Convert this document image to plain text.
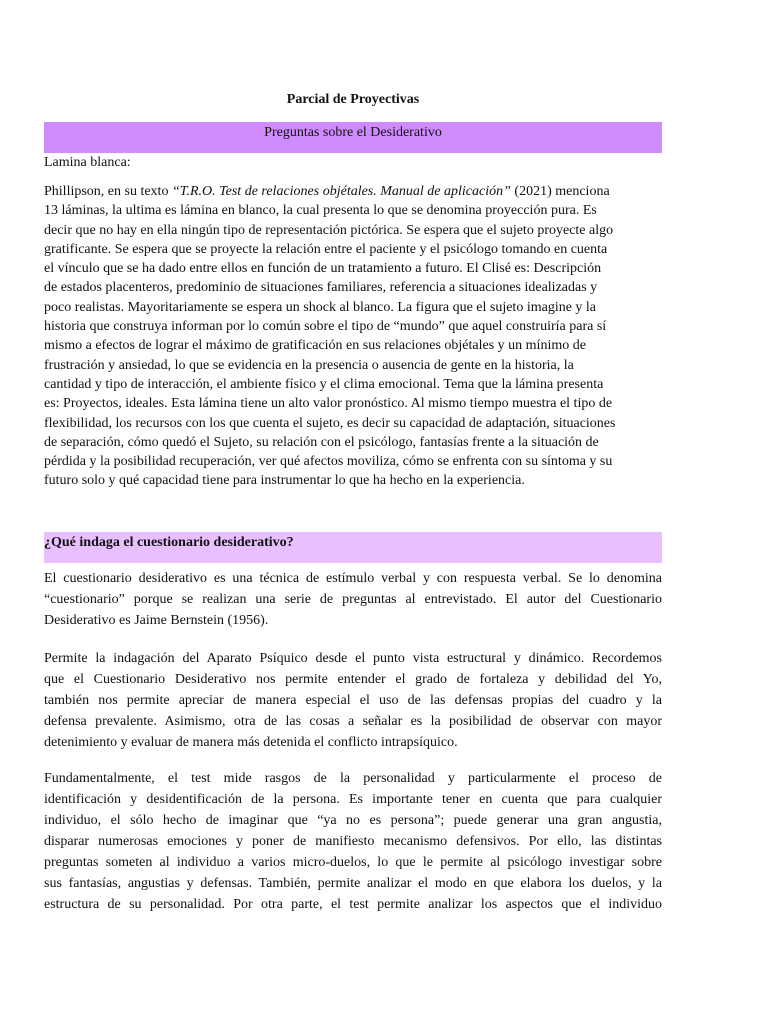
Parcial de Proyectivas
Preguntas sobre el Desiderativo
Lamina blanca:
Phillipson, en su texto “T.R.O. Test de relaciones objétales. Manual de aplicación” (2021) menciona
13 láminas, la ultima es lámina en blanco, la cual presenta lo que se denomina proyección pura. Es
decir que no hay en ella ningún tipo de representación pictórica. Se espera que el sujeto proyecte algo
gratificante. Se espera que se proyecte la relación entre el paciente y el psicólogo tomando en cuenta
el vínculo que se ha dado entre ellos en función de un tratamiento a futuro. El Clisé es: Descripción
de estados placenteros, predominio de situaciones familiares, referencia a situaciones idealizadas y
poco realistas. Mayoritariamente se espera un shock al blanco. La figura que el sujeto imagine y la
historia que construya informan por lo común sobre el tipo de “mundo” que aquel construiría para sí
mismo a efectos de lograr el máximo de gratificación en sus relaciones objétales y un mínimo de
frustración y ansiedad, lo que se evidencia en la presencia o ausencia de gente en la historia, la
cantidad y tipo de interacción, el ambiente físico y el clima emocional. Tema que la lámina presenta
es: Proyectos, ideales. Esta lámina tiene un alto valor pronóstico. Al mismo tiempo muestra el tipo de
flexibilidad, los recursos con los que cuenta el sujeto, es decir su capacidad de adaptación, situaciones
de separación, cómo quedó el Sujeto, su relación con el psicólogo, fantasías frente a la situación de
pérdida y la posibilidad recuperación, ver qué afectos moviliza, cómo se enfrenta con su síntoma y su
futuro solo y qué capacidad tiene para instrumentar lo que ha hecho en la experiencia.
¿Qué indaga el cuestionario desiderativo?
El cuestionario desiderativo es una técnica de estímulo verbal y con respuesta verbal. Se lo denomina
“cuestionario” porque se realizan una serie de preguntas al entrevistado. El autor del Cuestionario
Desiderativo es Jaime Bernstein (1956).
Permite la indagación del Aparato Psíquico desde el punto vista estructural y dinámico. Recordemos
que el Cuestionario Desiderativo nos permite entender el grado de fortaleza y debilidad del Yo,
también nos permite apreciar de manera especial el uso de las defensas propias del cuadro y la
defensa prevalente. Asimismo, otra de las cosas a señalar es la posibilidad de observar con mayor
detenimiento y evaluar de manera más detenida el conflicto intrapsíquico.
Fundamentalmente, el test mide rasgos de la personalidad y particularmente el proceso de
identificación y desidentificación de la persona. Es importante tener en cuenta que para cualquier
individuo, el sólo hecho de imaginar que “ya no es persona”; puede generar una gran angustia,
disparar numerosas emociones y poner de manifiesto mecanismo defensivos. Por ello, las distintas
preguntas someten al individuo a varios micro-duelos, lo que le permite al psicólogo investigar sobre
sus fantasías, angustias y defensas. También, permite analizar el modo en que elabora los duelos, y la
estructura de su personalidad. Por otra parte, el test permite analizar los aspectos que el individuo
